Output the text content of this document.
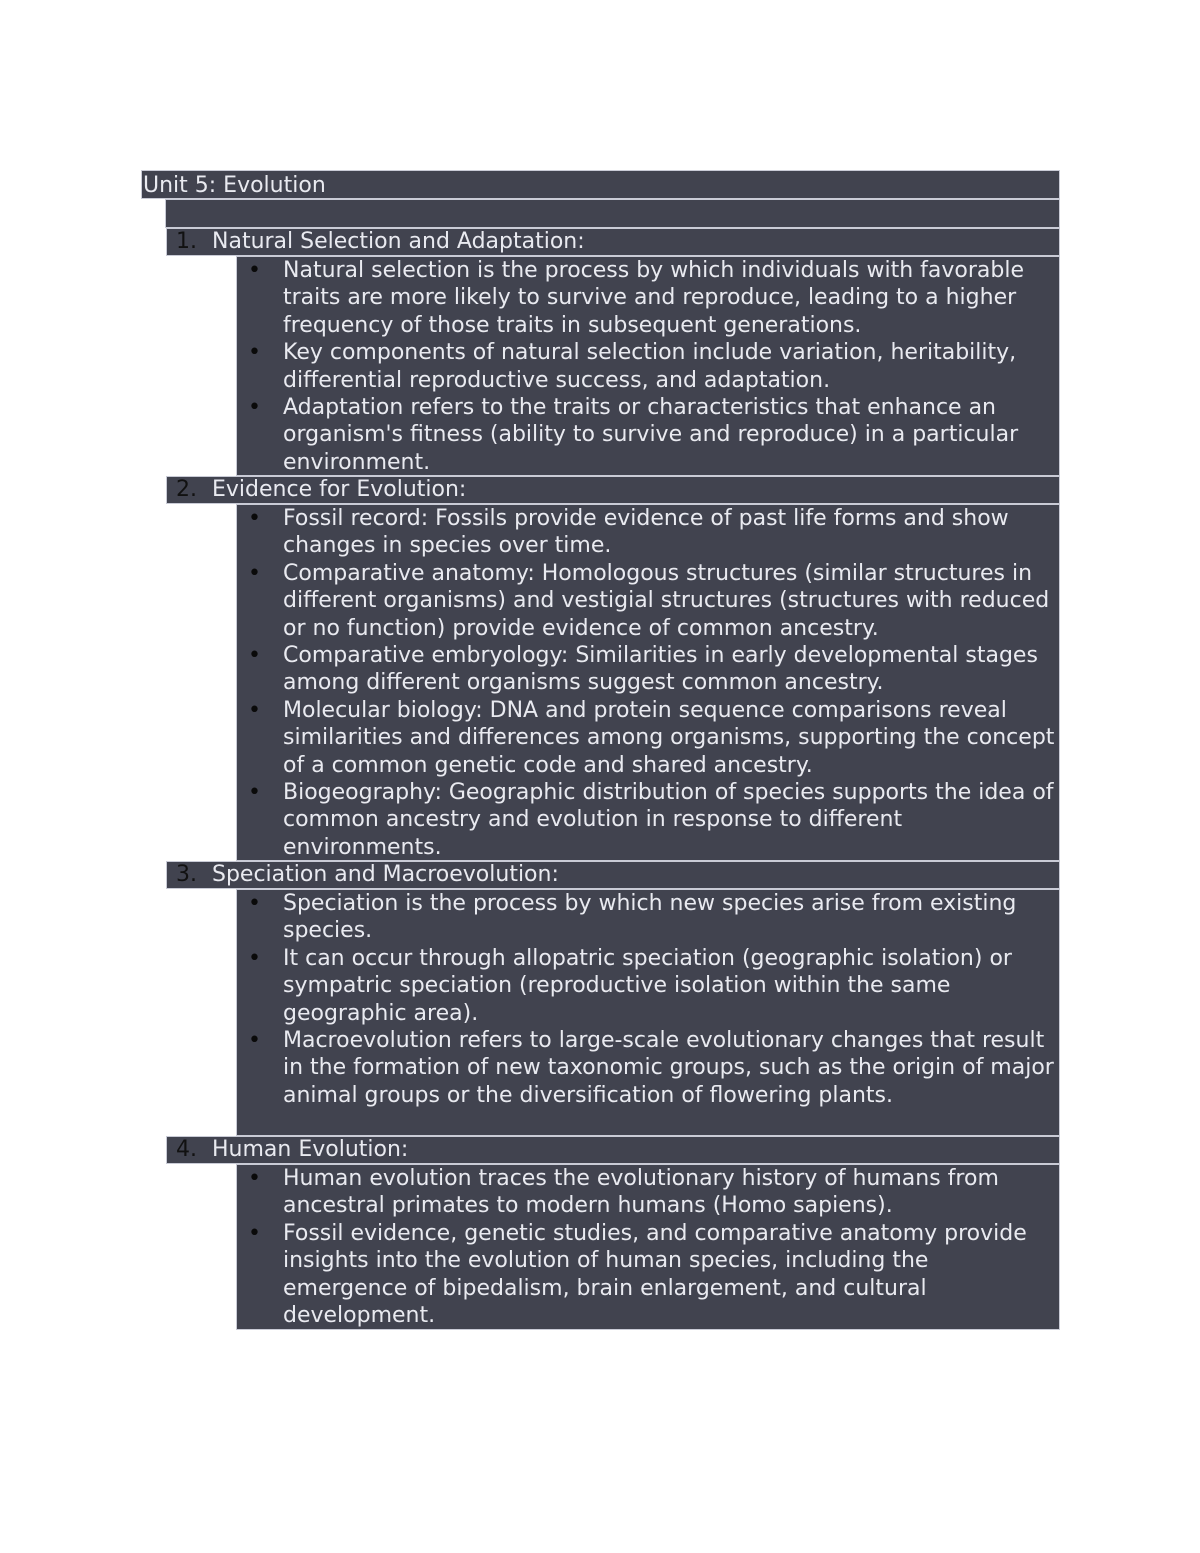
Unit 5: Evolution
1. Natural Selection and Adaptation:
• Natural selection is the process by which individuals with favorable traits are more likely to survive and reproduce, leading to a higher frequency of those traits in subsequent generations.
• Key components of natural selection include variation, heritability, differential reproductive success, and adaptation.
• Adaptation refers to the traits or characteristics that enhance an organism's fitness (ability to survive and reproduce) in a particular environment.
2. Evidence for Evolution:
• Fossil record: Fossils provide evidence of past life forms and show changes in species over time.
• Comparative anatomy: Homologous structures (similar structures in different organisms) and vestigial structures (structures with reduced or no function) provide evidence of common ancestry.
• Comparative embryology: Similarities in early developmental stages among different organisms suggest common ancestry.
• Molecular biology: DNA and protein sequence comparisons reveal similarities and differences among organisms, supporting the concept of a common genetic code and shared ancestry.
• Biogeography: Geographic distribution of species supports the idea of common ancestry and evolution in response to different environments.
3. Speciation and Macroevolution:
• Speciation is the process by which new species arise from existing species.
• It can occur through allopatric speciation (geographic isolation) or sympatric speciation (reproductive isolation within the same geographic area).
• Macroevolution refers to large-scale evolutionary changes that result in the formation of new taxonomic groups, such as the origin of major animal groups or the diversification of flowering plants.
4. Human Evolution:
• Human evolution traces the evolutionary history of humans from ancestral primates to modern humans (Homo sapiens).
• Fossil evidence, genetic studies, and comparative anatomy provide insights into the evolution of human species, including the emergence of bipedalism, brain enlargement, and cultural development.
